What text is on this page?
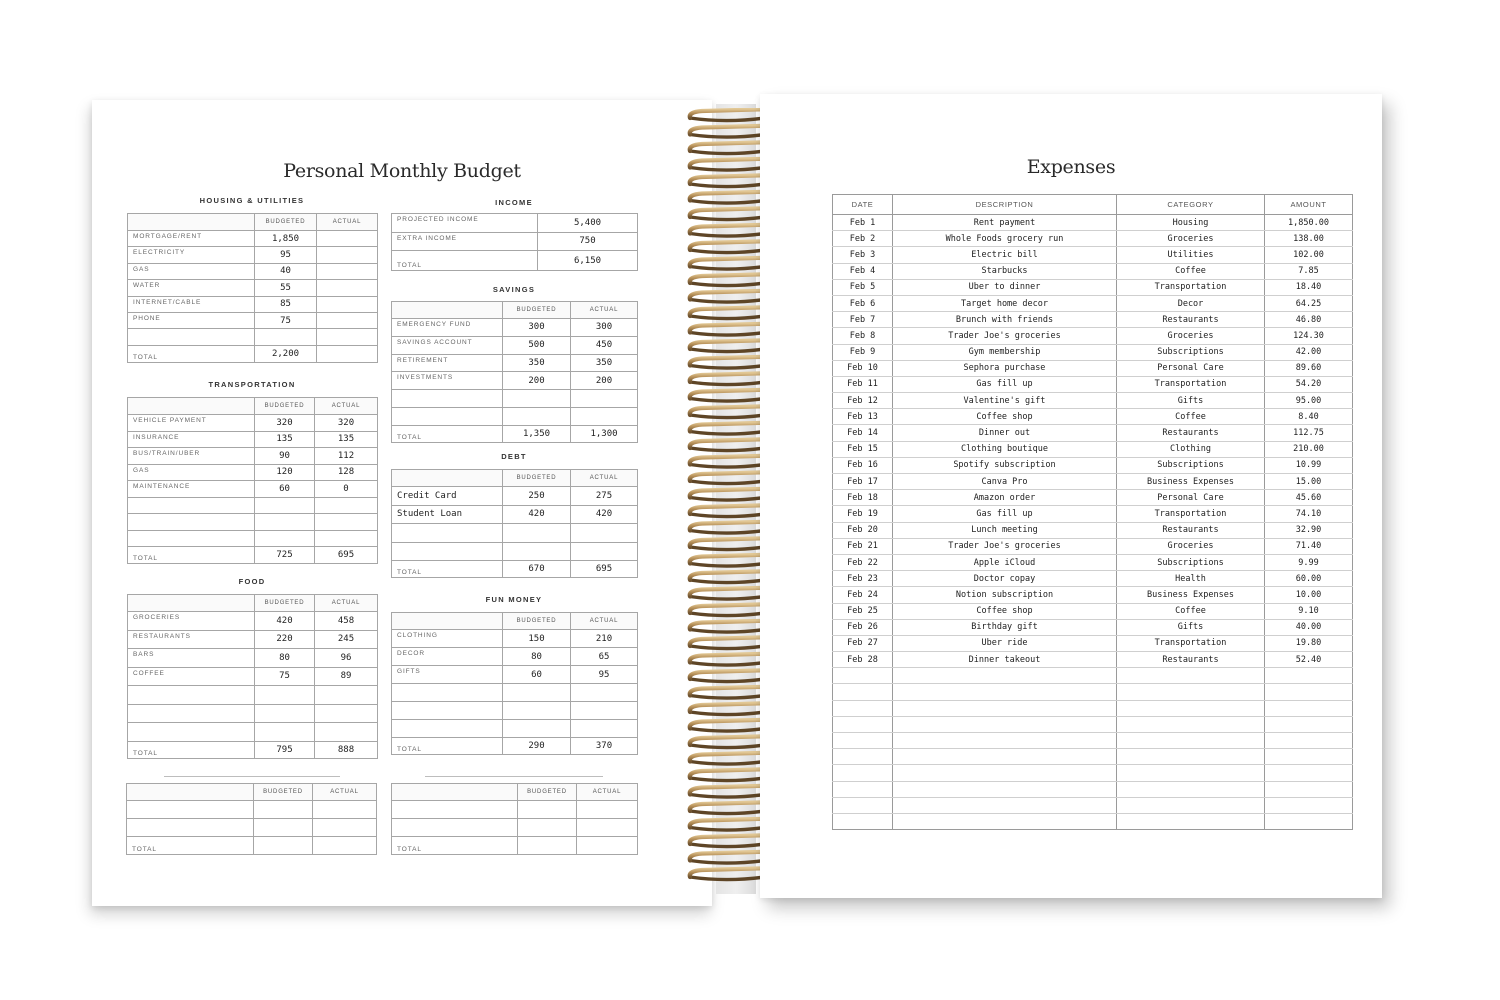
Personal Monthly Budget
HOUSING & UTILITIES
	BUDGETED	ACTUAL
MORTGAGE/RENT	1,850	
ELECTRICITY	95	
GAS	40	
WATER	55	
INTERNET/CABLE	85	
PHONE	75	

TOTAL	2,200	
TRANSPORTATION
	BUDGETED	ACTUAL
VEHICLE PAYMENT	320	320
INSURANCE	135	135
BUS/TRAIN/UBER	90	112
GAS	120	128
MAINTENANCE	60	0

TOTAL	725	695
FOOD
	BUDGETED	ACTUAL
GROCERIES	420	458
RESTAURANTS	220	245
BARS	80	96
COFFEE	75	89

TOTAL	795	888
	BUDGETED	ACTUAL

TOTAL		
INCOME
PROJECTED INCOME	5,400
EXTRA INCOME	750
TOTAL	6,150
SAVINGS
	BUDGETED	ACTUAL
EMERGENCY FUND	300	300
SAVINGS ACCOUNT	500	450
RETIREMENT	350	350
INVESTMENTS	200	200

TOTAL	1,350	1,300
DEBT
	BUDGETED	ACTUAL
Credit Card	250	275
Student Loan	420	420

TOTAL	670	695
FUN MONEY
	BUDGETED	ACTUAL
CLOTHING	150	210
DECOR	80	65
GIFTS	60	95

TOTAL	290	370
	BUDGETED	ACTUAL

TOTAL		
Expenses
DATE	DESCRIPTION	CATEGORY	AMOUNT
Feb 1	Rent payment	Housing	1,850.00
Feb 2	Whole Foods grocery run	Groceries	138.00
Feb 3	Electric bill	Utilities	102.00
Feb 4	Starbucks	Coffee	7.85
Feb 5	Uber to dinner	Transportation	18.40
Feb 6	Target home decor	Decor	64.25
Feb 7	Brunch with friends	Restaurants	46.80
Feb 8	Trader Joe's groceries	Groceries	124.30
Feb 9	Gym membership	Subscriptions	42.00
Feb 10	Sephora purchase	Personal Care	89.60
Feb 11	Gas fill up	Transportation	54.20
Feb 12	Valentine's gift	Gifts	95.00
Feb 13	Coffee shop	Coffee	8.40
Feb 14	Dinner out	Restaurants	112.75
Feb 15	Clothing boutique	Clothing	210.00
Feb 16	Spotify subscription	Subscriptions	10.99
Feb 17	Canva Pro	Business Expenses	15.00
Feb 18	Amazon order	Personal Care	45.60
Feb 19	Gas fill up	Transportation	74.10
Feb 20	Lunch meeting	Restaurants	32.90
Feb 21	Trader Joe's groceries	Groceries	71.40
Feb 22	Apple iCloud	Subscriptions	9.99
Feb 23	Doctor copay	Health	60.00
Feb 24	Notion subscription	Business Expenses	10.00
Feb 25	Coffee shop	Coffee	9.10
Feb 26	Birthday gift	Gifts	40.00
Feb 27	Uber ride	Transportation	19.80
Feb 28	Dinner takeout	Restaurants	52.40
